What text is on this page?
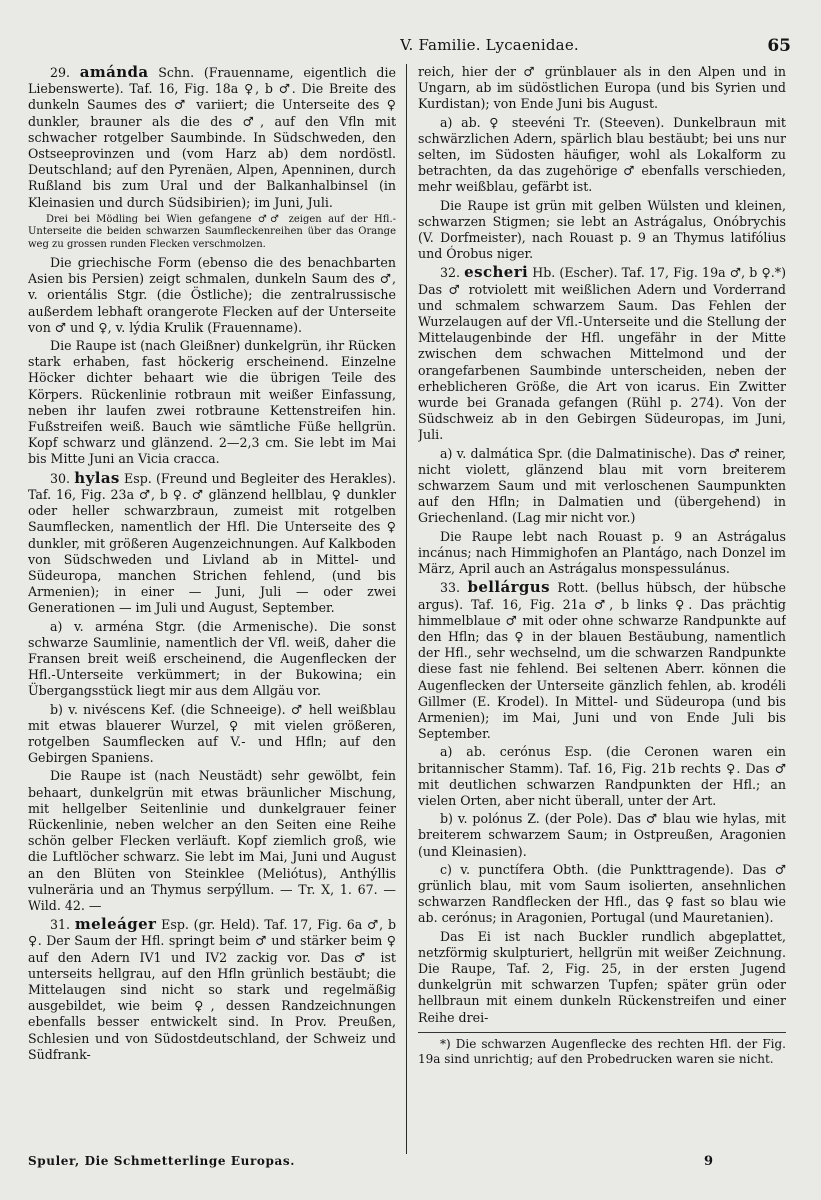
V. Familie. Lycaenidae.	65

29. amánda Schn. (Frauenname, eigentlich die Liebenswerte). Taf. 16, Fig. 18a ♀, b ♂. Die Breite des dunkeln Saumes des ♂ variiert; die Unterseite des ♀ dunkler, brauner als die des ♂, auf den Vfln mit schwacher rotgelber Saumbinde. In Südschweden, den Ostseeprovinzen und (vom Harz ab) dem nordöstl. Deutschland; auf den Pyrenäen, Alpen, Apenninen, durch Rußland bis zum Ural und der Balkanhalbinsel (in Kleinasien und durch Südsibirien); im Juni, Juli.

Drei bei Mödling bei Wien gefangene ♂♂ zeigen auf der Hfl.-Unterseite die beiden schwarzen Saumfleckenreihen über das Orange weg zu grossen runden Flecken verschmolzen.

Die griechische Form (ebenso die des benachbarten Asien bis Persien) zeigt schmalen, dunkeln Saum des ♂, v. orientális Stgr. (die Östliche); die zentralrussische außerdem lebhaft orangerote Flecken auf der Unterseite von ♂ und ♀, v. lýdia Krulik (Frauenname).

Die Raupe ist (nach Gleißner) dunkelgrün, ihr Rücken stark erhaben, fast höckerig erscheinend. Einzelne Höcker dichter behaart wie die übrigen Teile des Körpers. Rückenlinie rotbraun mit weißer Einfassung, neben ihr laufen zwei rotbraune Kettenstreifen hin. Fußstreifen weiß. Bauch wie sämtliche Füße hellgrün. Kopf schwarz und glänzend. 2—2,3 cm. Sie lebt im Mai bis Mitte Juni an Vicia cracca.

30. hylas Esp. (Freund und Begleiter des Herakles). Taf. 16, Fig. 23a ♂, b ♀. ♂ glänzend hellblau, ♀ dunkler oder heller schwarzbraun, zumeist mit rotgelben Saumflecken, namentlich der Hfl. Die Unterseite des ♀ dunkler, mit größeren Augenzeichnungen. Auf Kalkboden von Südschweden und Livland ab in Mittel- und Südeuropa, manchen Strichen fehlend, (und bis Armenien); in einer — Juni, Juli — oder zwei Generationen — im Juli und August, September.

a) v. arména Stgr. (die Armenische). Die sonst schwarze Saumlinie, namentlich der Vfl. weiß, daher die Fransen breit weiß erscheinend, die Augenflecken der Hfl.-Unterseite verkümmert; in der Bukowina; ein Übergangsstück liegt mir aus dem Allgäu vor.

b) v. nivéscens Kef. (die Schneeige). ♂ hell weißblau mit etwas blauerer Wurzel, ♀ mit vielen größeren, rotgelben Saumflecken auf V.- und Hfln; auf den Gebirgen Spaniens.

Die Raupe ist (nach Neustädt) sehr gewölbt, fein behaart, dunkelgrün mit etwas bräunlicher Mischung, mit hellgelber Seitenlinie und dunkelgrauer feiner Rückenlinie, neben welcher an den Seiten eine Reihe schön gelber Flecken verläuft. Kopf ziemlich groß, wie die Luftlöcher schwarz. Sie lebt im Mai, Juni und August an den Blüten von Steinklee (Meliótus), Anthýllis vulneräria und an Thymus serpýllum. — Tr. X, 1. 67. — Wild. 42. —

31. meleáger Esp. (gr. Held). Taf. 17, Fig. 6a ♂, b ♀. Der Saum der Hfl. springt beim ♂ und stärker beim ♀ auf den Adern IV1 und IV2 zackig vor. Das ♂ ist unterseits hellgrau, auf den Hfln grünlich bestäubt; die Mittelaugen sind nicht so stark und regelmäßig ausgebildet, wie beim ♀, dessen Randzeichnungen ebenfalls besser entwickelt sind. In Prov. Preußen, Schlesien und von Südostdeutschland, der Schweiz und Südfrank-

reich, hier der ♂ grünblauer als in den Alpen und in Ungarn, ab im südöstlichen Europa (und bis Syrien und Kurdistan); von Ende Juni bis August.

a) ab. ♀ steevéni Tr. (Steeven). Dunkelbraun mit schwärzlichen Adern, spärlich blau bestäubt; bei uns nur selten, im Südosten häufiger, wohl als Lokalform zu betrachten, da das zugehörige ♂ ebenfalls verschieden, mehr weißblau, gefärbt ist.

Die Raupe ist grün mit gelben Wülsten und kleinen, schwarzen Stigmen; sie lebt an Astrágalus, Onóbrychis (V. Dorfmeister), nach Rouast p. 9 an Thymus latifólius und Órobus niger.

32. escheri Hb. (Escher). Taf. 17, Fig. 19a ♂, b ♀.*) Das ♂ rotviolett mit weißlichen Adern und Vorderrand und schmalem schwarzem Saum. Das Fehlen der Wurzelaugen auf der Vfl.-Unterseite und die Stellung der Mittelaugenbinde der Hfl. ungefähr in der Mitte zwischen dem schwachen Mittelmond und der orangefarbenen Saumbinde unterscheiden, neben der erheblicheren Größe, die Art von icarus. Ein Zwitter wurde bei Granada gefangen (Rühl p. 274). Von der Südschweiz ab in den Gebirgen Südeuropas, im Juni, Juli.

a) v. dalmática Spr. (die Dalmatinische). Das ♂ reiner, nicht violett, glänzend blau mit vorn breiterem schwarzem Saum und mit verloschenen Saumpunkten auf den Hfln; in Dalmatien und (übergehend) in Griechenland. (Lag mir nicht vor.)

Die Raupe lebt nach Rouast p. 9 an Astrágalus incánus; nach Himmighofen an Plantágo, nach Donzel im März, April auch an Astrágalus monspessulánus.

33. bellárgus Rott. (bellus hübsch, der hübsche argus). Taf. 16, Fig. 21a ♂, b links ♀. Das prächtig himmelblaue ♂ mit oder ohne schwarze Randpunkte auf den Hfln; das ♀ in der blauen Bestäubung, namentlich der Hfl., sehr wechselnd, um die schwarzen Randpunkte diese fast nie fehlend. Bei seltenen Aberr. können die Augenflecken der Unterseite gänzlich fehlen, ab. krodéli Gillmer (E. Krodel). In Mittel- und Südeuropa (und bis Armenien); im Mai, Juni und von Ende Juli bis September.

a) ab. cerónus Esp. (die Ceronen waren ein britannischer Stamm). Taf. 16, Fig. 21b rechts ♀. Das ♂ mit deutlichen schwarzen Randpunkten der Hfl.; an vielen Orten, aber nicht überall, unter der Art.

b) v. polónus Z. (der Pole). Das ♂ blau wie hylas, mit breiterem schwarzem Saum; in Ostpreußen, Aragonien (und Kleinasien).

c) v. punctífera Obth. (die Punkttragende). Das ♂ grünlich blau, mit vom Saum isolierten, ansehnlichen schwarzen Randflecken der Hfl., das ♀ fast so blau wie ab. cerónus; in Aragonien, Portugal (und Mauretanien).

Das Ei ist nach Buckler rundlich abgeplattet, netzförmig skulpturiert, hellgrün mit weißer Zeichnung. Die Raupe, Taf. 2, Fig. 25, in der ersten Jugend dunkelgrün mit schwarzen Tupfen; später grün oder hellbraun mit einem dunkeln Rückenstreifen und einer Reihe drei-

*) Die schwarzen Augenflecke des rechten Hfl. der Fig. 19a sind unrichtig; auf den Probedrucken waren sie nicht.

Spuler, Die Schmetterlinge Europas.	9
